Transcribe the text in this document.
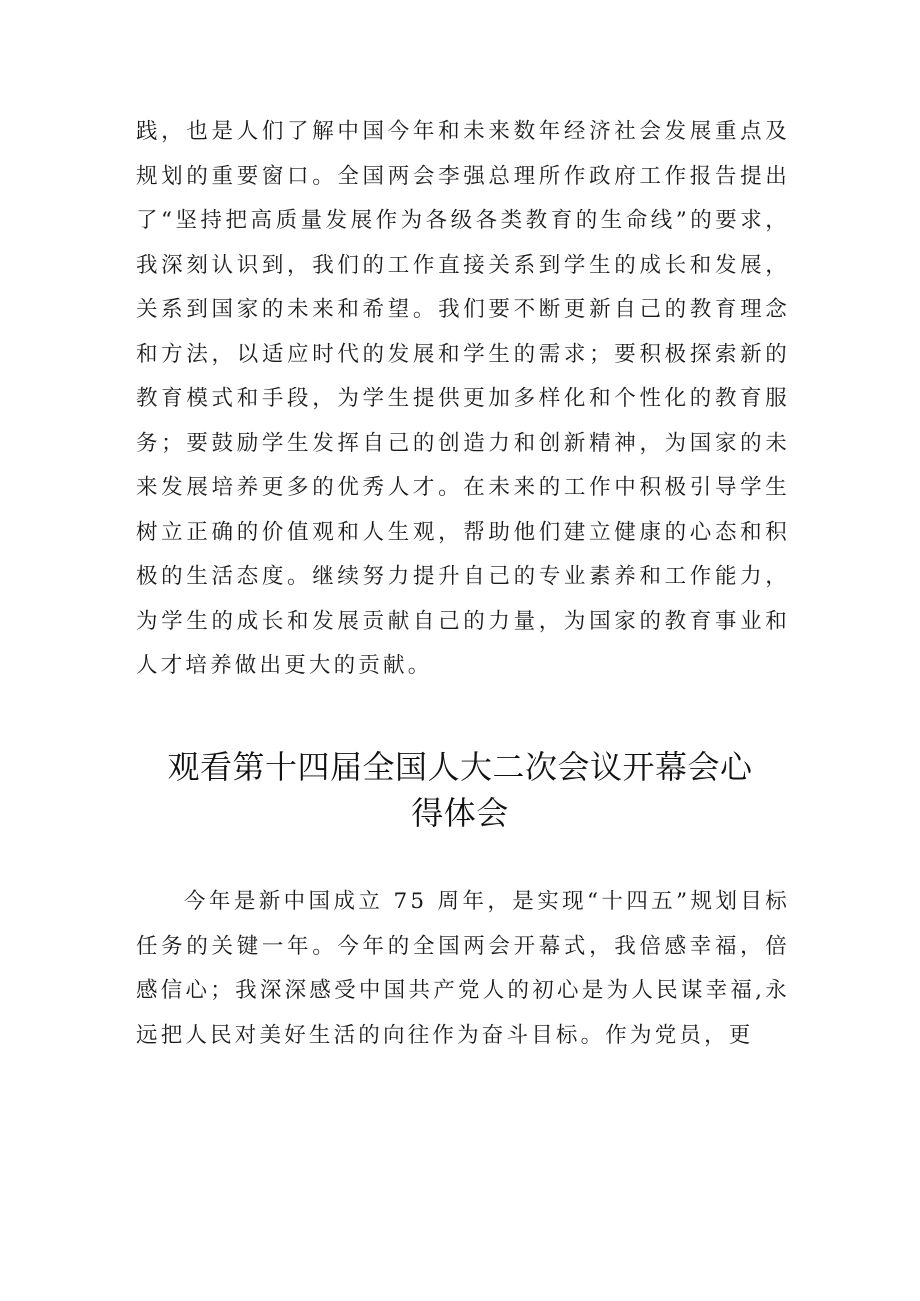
践，也是人们了解中国今年和未来数年经济社会发展重点及规划的重要窗口。全国两会李强总理所作政府工作报告提出了“坚持把高质量发展作为各级各类教育的生命线”的要求，我深刻认识到，我们的工作直接关系到学生的成长和发展，关系到国家的未来和希望。我们要不断更新自己的教育理念和方法，以适应时代的发展和学生的需求；要积极探索新的教育模式和手段，为学生提供更加多样化和个性化的教育服务；要鼓励学生发挥自己的创造力和创新精神，为国家的未来发展培养更多的优秀人才。在未来的工作中积极引导学生树立正确的价值观和人生观，帮助他们建立健康的心态和积极的生活态度。继续努力提升自己的专业素养和工作能力，为学生的成长和发展贡献自己的力量，为国家的教育事业和人才培养做出更大的贡献。

观看第十四届全国人大二次会议开幕会心
得体会

今年是新中国成立 75 周年，是实现“十四五”规划目标任务的关键一年。今年的全国两会开幕式，我倍感幸福，倍感信心；我深深感受中国共产党人的初心是为人民谋幸福,永远把人民对美好生活的向往作为奋斗目标。作为党员，更
